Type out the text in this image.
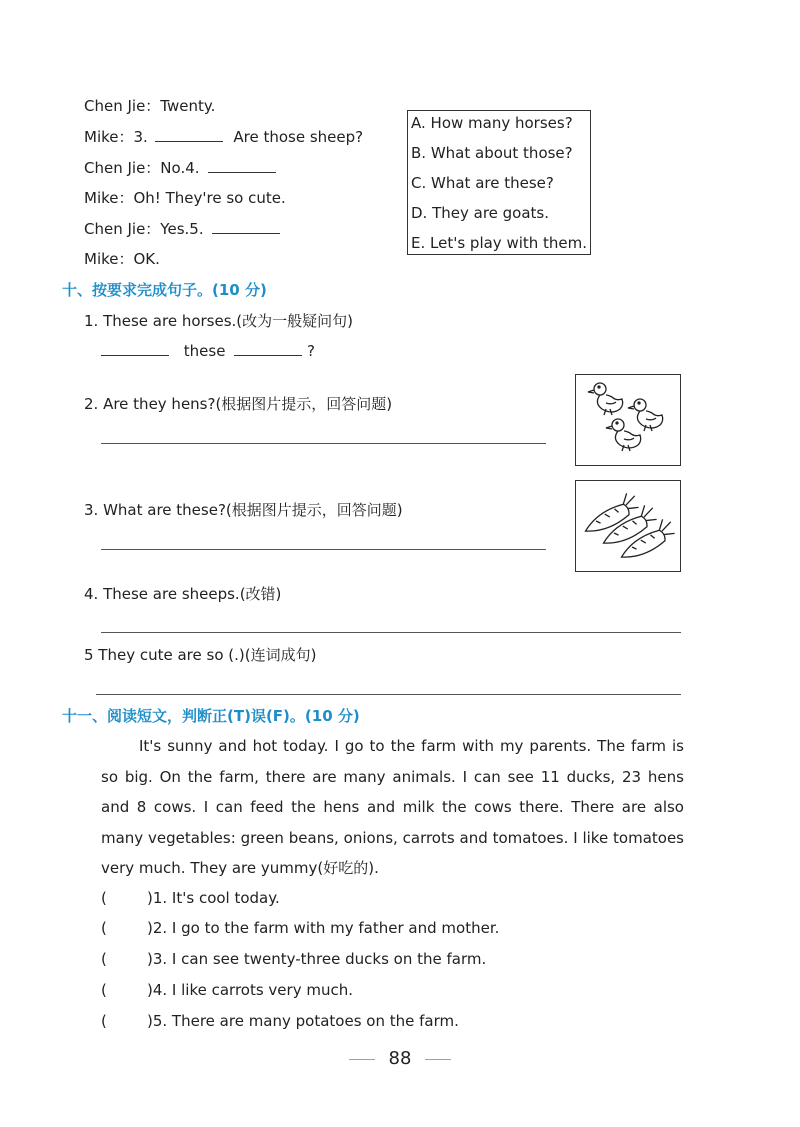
Chen Jie：Twenty.
Mike：3.	Are those sheep?
Chen Jie：No.4.
Mike：Oh! They're so cute.
Chen Jie：Yes.5.
Mike：OK.
A. How many horses?
B. What about those?
C. What are these?
D. They are goats.
E. Let's play with them.
十、按要求完成句子。(10 分)
1. These are horses.(改为一般疑问句)
these	?
2. Are they hens?(根据图片提示，回答问题)
3. What are these?(根据图片提示，回答问题)
4. These are sheeps.(改错)
5 They cute are so (.)(连词成句)
十一、阅读短文，判断正(T)误(F)。(10 分)
It's sunny and hot today. I go to the farm with my parents. The farm is so big. On the farm, there are many animals. I can see 11 ducks, 23 hens and 8 cows. I can feed the hens and milk the cows there. There are also many vegetables: green beans, onions, carrots and tomatoes. I like tomatoes very much. They are yummy(好吃的).
(	)1. It's cool today.
(	)2. I go to the farm with my father and mother.
(	)3. I can see twenty-three ducks on the farm.
(	)4. I like carrots very much.
(	)5. There are many potatoes on the farm.
88
